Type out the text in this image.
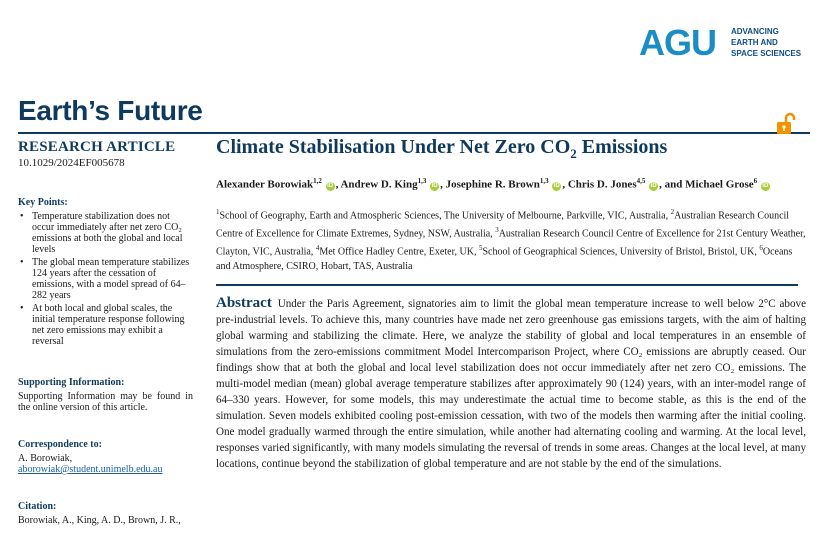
AGU ADVANCING
EARTH AND
SPACE SCIENCES
Earth’s Future
RESEARCH ARTICLE
10.1029/2024EF005678
Key Points:
• Temperature stabilization does not occur immediately after net zero CO₂ emissions at both the global and local levels
• The global mean temperature stabilizes 124 years after the cessation of emissions, with a model spread of 64–282 years
• At both local and global scales, the initial temperature response following net zero emissions may exhibit a reversal
Supporting Information:
Supporting Information may be found in the online version of this article.
Correspondence to:
A. Borowiak,
aborowiak@student.unimelb.edu.au
Citation:
Borowiak, A., King, A. D., Brown, J. R.,
Climate Stabilisation Under Net Zero $CO_2$ Emissions
Alexander Borowiak$^{1,2}$ iD , Andrew D. King$^{1,3}$ iD , Josephine R. Brown$^{1,3}$ iD , Chris D. Jones$^{4,5}$ iD , and Michael Grose$^6$ iD
$^1$School of Geography, Earth and Atmospheric Sciences, The University of Melbourne, Parkville, VIC, Australia, $^2$Australian Research Council Centre of Excellence for Climate Extremes, Sydney, NSW, Australia, $^3$Australian Research Council Centre of Excellence for 21st Century Weather, Clayton, VIC, Australia, $^4$Met Office Hadley Centre, Exeter, UK, $^5$School of Geographical Sciences, University of Bristol, Bristol, UK, $^6$Oceans and Atmosphere, CSIRO, Hobart, TAS, Australia
Abstract Under the Paris Agreement, signatories aim to limit the global mean temperature increase to well below 2°C above pre-industrial levels. To achieve this, many countries have made net zero greenhouse gas emissions targets, with the aim of halting global warming and stabilizing the climate. Here, we analyze the stability of global and local temperatures in an ensemble of simulations from the zero-emissions commitment Model Intercomparison Project, where CO₂ emissions are abruptly ceased. Our findings show that at both the global and local level stabilization does not occur immediately after net zero CO₂ emissions. The multi-model median (mean) global average temperature stabilizes after approximately 90 (124) years, with an inter-model range of 64–330 years. However, for some models, this may underestimate the actual time to become stable, as this is the end of the simulation. Seven models exhibited cooling post-emission cessation, with two of the models then warming after the initial cooling. One model gradually warmed through the entire simulation, while another had alternating cooling and warming. At the local level, responses varied significantly, with many models simulating the reversal of trends in some areas. Changes at the local level, at many locations, continue beyond the stabilization of global temperature and are not stable by the end of the simulations.
